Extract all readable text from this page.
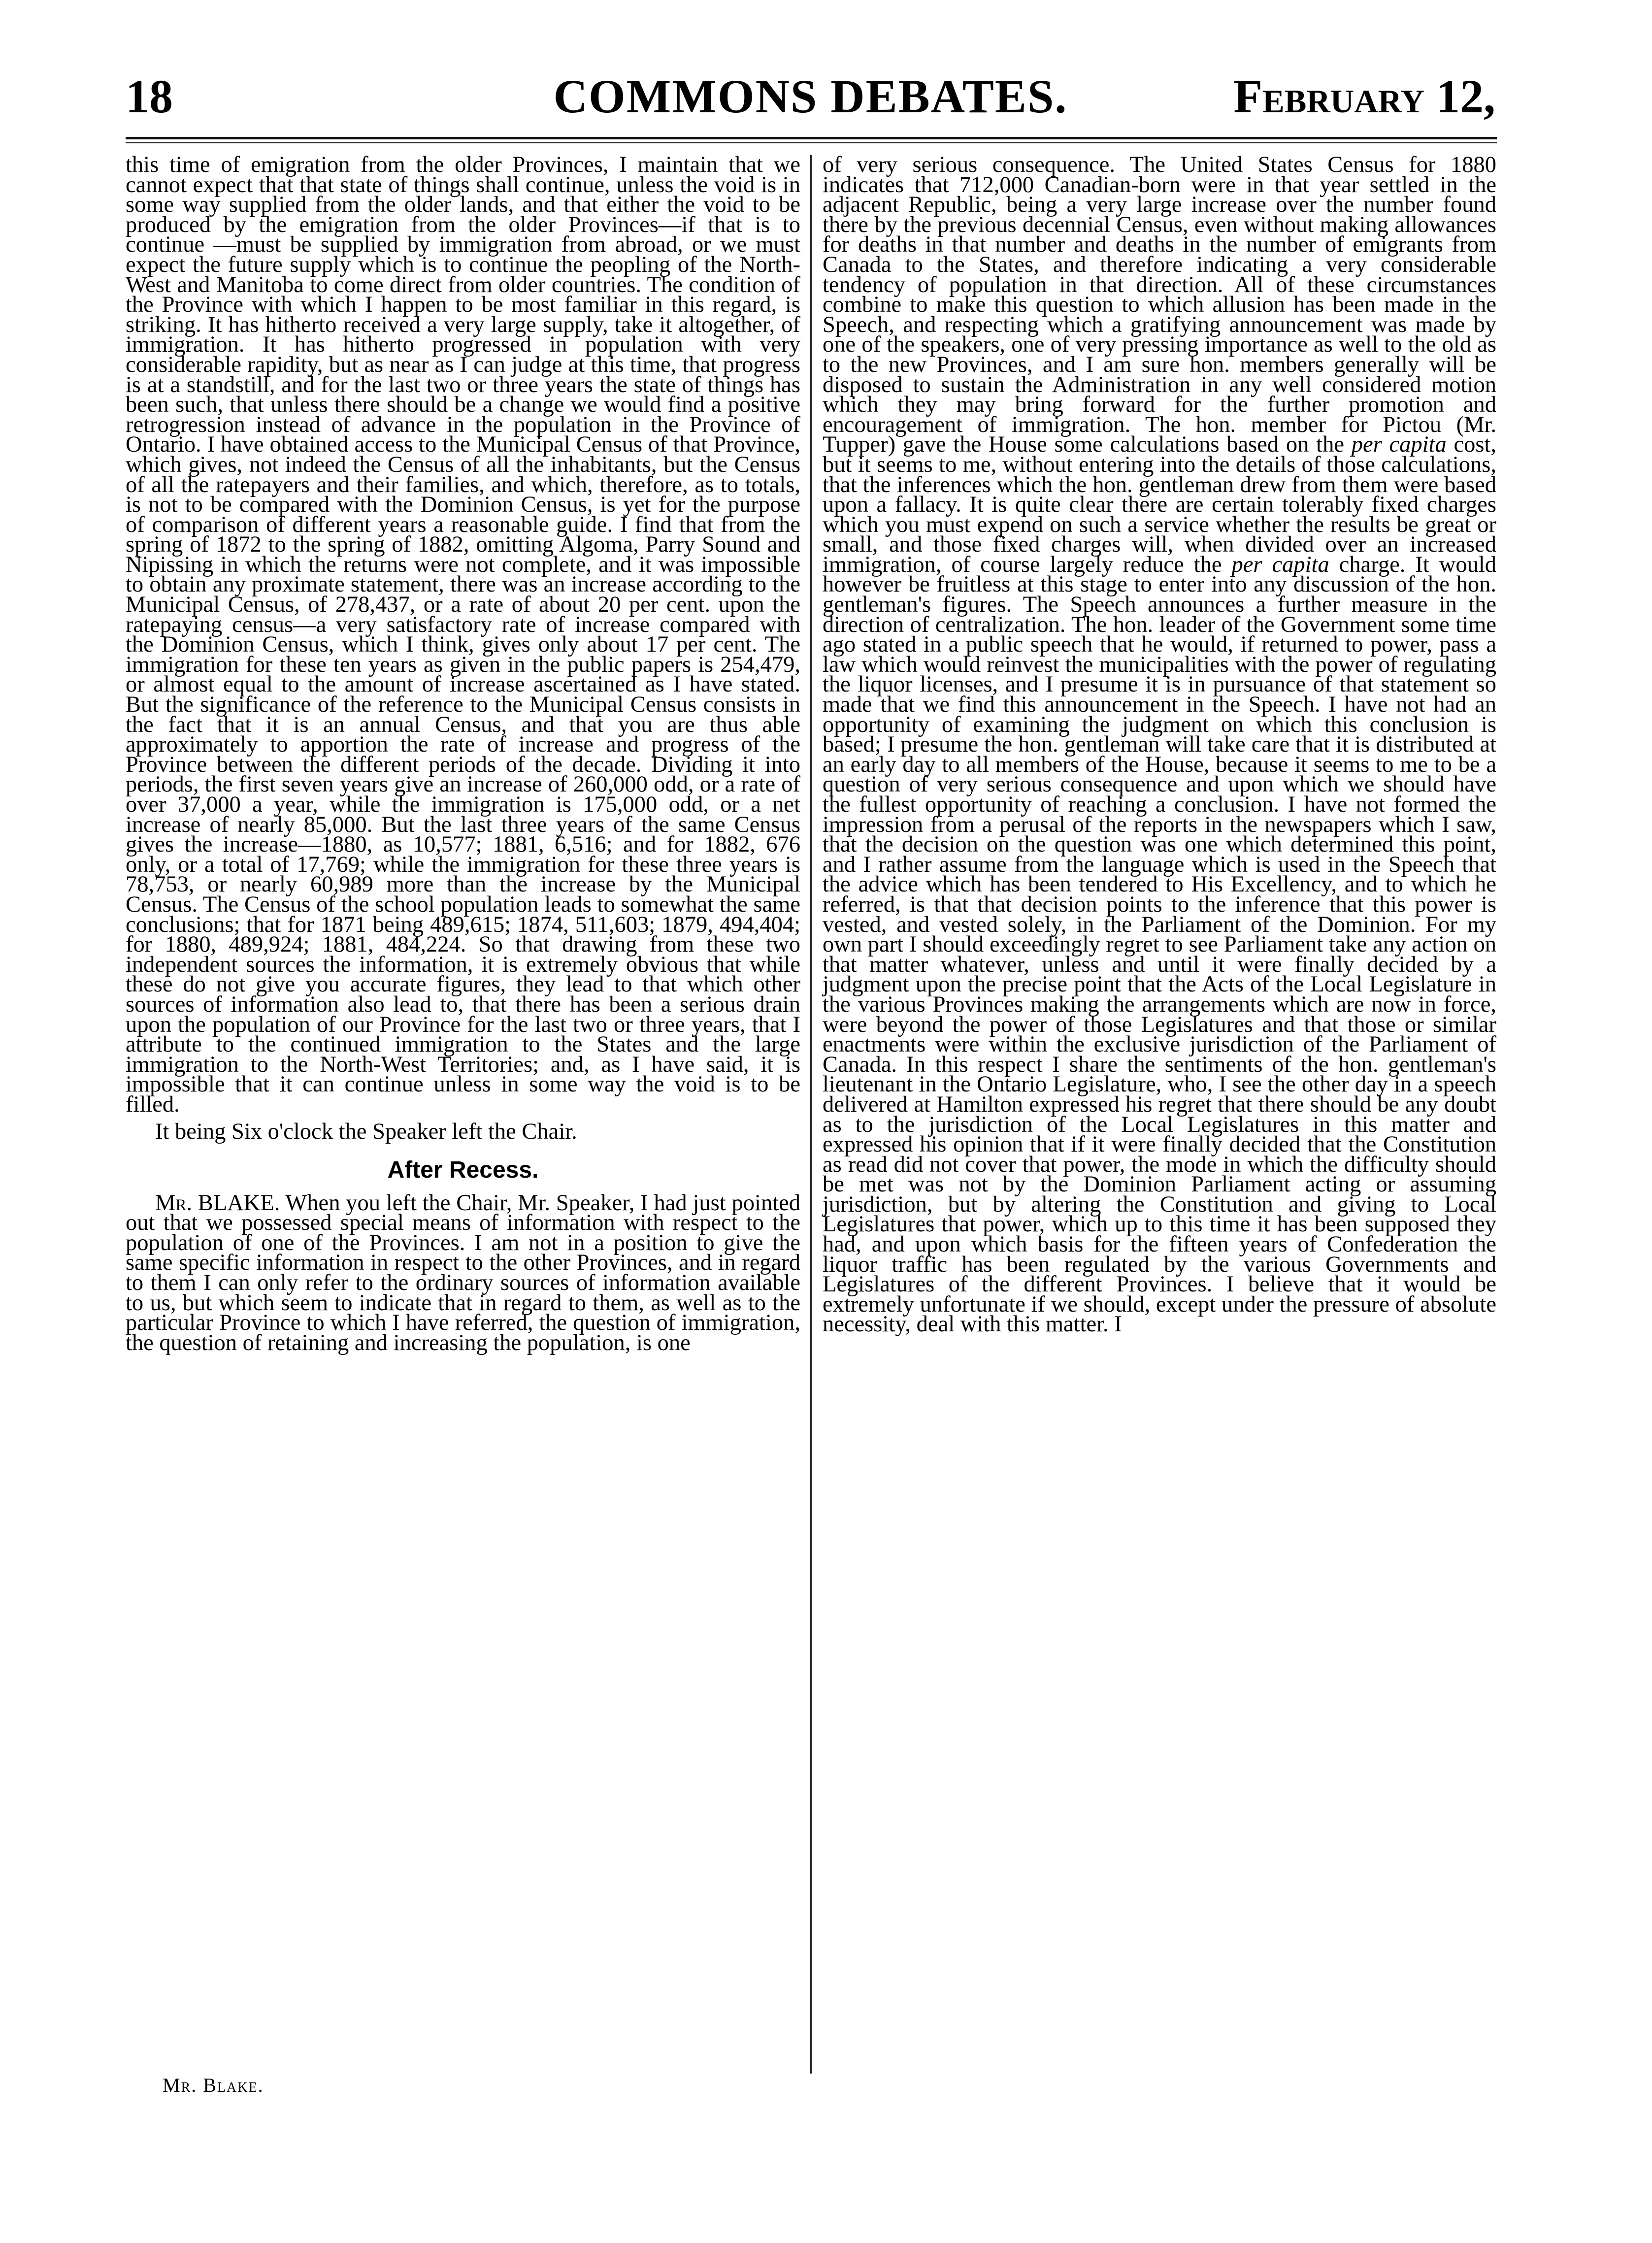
18	COMMONS DEBATES.	February 12,

this time of emigration from the older Provinces, I maintain that we cannot expect that that state of things shall continue, unless the void is in some way supplied from the older lands, and that either the void to be produced by the emigration from the older Provinces—if that is to continue —must be supplied by immigration from abroad, or we must expect the future supply which is to continue the peopling of the North-West and Manitoba to come direct from older countries. The condition of the Province with which I happen to be most familiar in this regard, is striking. It has hitherto received a very large supply, take it altogether, of immigration. It has hitherto progressed in population with very considerable rapidity, but as near as I can judge at this time, that progress is at a standstill, and for the last two or three years the state of things has been such, that unless there should be a change we would find a positive retrogression instead of advance in the population in the Province of Ontario. I have obtained access to the Municipal Census of that Province, which gives, not indeed the Census of all the inhabitants, but the Census of all the ratepayers and their families, and which, therefore, as to totals, is not to be compared with the Dominion Census, is yet for the purpose of comparison of different years a reasonable guide. I find that from the spring of 1872 to the spring of 1882, omitting Algoma, Parry Sound and Nipissing in which the returns were not complete, and it was impossible to obtain any proximate statement, there was an increase according to the Municipal Census, of 278,437, or a rate of about 20 per cent. upon the ratepaying census—a very satisfactory rate of increase compared with the Dominion Census, which I think, gives only about 17 per cent. The immigration for these ten years as given in the public papers is 254,479, or almost equal to the amount of increase ascertained as I have stated. But the significance of the reference to the Municipal Census consists in the fact that it is an annual Census, and that you are thus able approximately to apportion the rate of increase and progress of the Province between the different periods of the decade. Dividing it into periods, the first seven years give an increase of 260,000 odd, or a rate of over 37,000 a year, while the immigration is 175,000 odd, or a net increase of nearly 85,000. But the last three years of the same Census gives the increase—1880, as 10,577; 1881, 6,516; and for 1882, 676 only, or a total of 17,769; while the immigration for these three years is 78,753, or nearly 60,989 more than the increase by the Municipal Census. The Census of the school population leads to somewhat the same conclusions; that for 1871 being 489,615; 1874, 511,603; 1879, 494,404; for 1880, 489,924; 1881, 484,224. So that drawing from these two independent sources the information, it is extremely obvious that while these do not give you accurate figures, they lead to that which other sources of information also lead to, that there has been a serious drain upon the population of our Province for the last two or three years, that I attribute to the continued immigration to the States and the large immigration to the North-West Territories; and, as I have said, it is impossible that it can continue unless in some way the void is to be filled.

It being Six o'clock the Speaker left the Chair.

After Recess.

Mr. BLAKE. When you left the Chair, Mr. Speaker, I had just pointed out that we possessed special means of information with respect to the population of one of the Provinces. I am not in a position to give the same specific information in respect to the other Provinces, and in regard to them I can only refer to the ordinary sources of information available to us, but which seem to indicate that in regard to them, as well as to the particular Province to which I have referred, the question of immigration, the question of retaining and increasing the population, is one

of very serious consequence. The United States Census for 1880 indicates that 712,000 Canadian-born were in that year settled in the adjacent Republic, being a very large increase over the number found there by the previous decennial Census, even without making allowances for deaths in that number and deaths in the number of emigrants from Canada to the States, and therefore indicating a very considerable tendency of population in that direction. All of these circumstances combine to make this question to which allusion has been made in the Speech, and respecting which a gratifying announcement was made by one of the speakers, one of very pressing importance as well to the old as to the new Provinces, and I am sure hon. members generally will be disposed to sustain the Administration in any well considered motion which they may bring forward for the further promotion and encouragement of immigration. The hon. member for Pictou (Mr. Tupper) gave the House some calculations based on the per capita cost, but it seems to me, without entering into the details of those calculations, that the inferences which the hon. gentleman drew from them were based upon a fallacy. It is quite clear there are certain tolerably fixed charges which you must expend on such a service whether the results be great or small, and those fixed charges will, when divided over an increased immigration, of course largely reduce the per capita charge. It would however be fruitless at this stage to enter into any discussion of the hon. gentleman's figures. The Speech announces a further measure in the direction of centralization. The hon. leader of the Government some time ago stated in a public speech that he would, if returned to power, pass a law which would reinvest the municipalities with the power of regulating the liquor licenses, and I presume it is in pursuance of that statement so made that we find this announcement in the Speech. I have not had an opportunity of examining the judgment on which this conclusion is based; I presume the hon. gentleman will take care that it is distributed at an early day to all members of the House, because it seems to me to be a question of very serious consequence and upon which we should have the fullest opportunity of reaching a conclusion. I have not formed the impression from a perusal of the reports in the newspapers which I saw, that the decision on the question was one which determined this point, and I rather assume from the language which is used in the Speech that the advice which has been tendered to His Excellency, and to which he referred, is that that decision points to the inference that this power is vested, and vested solely, in the Parliament of the Dominion. For my own part I should exceedingly regret to see Parliament take any action on that matter whatever, unless and until it were finally decided by a judgment upon the precise point that the Acts of the Local Legislature in the various Provinces making the arrangements which are now in force, were beyond the power of those Legislatures and that those or similar enactments were within the exclusive jurisdiction of the Parliament of Canada. In this respect I share the sentiments of the hon. gentleman's lieutenant in the Ontario Legislature, who, I see the other day in a speech delivered at Hamilton expressed his regret that there should be any doubt as to the jurisdiction of the Local Legislatures in this matter and expressed his opinion that if it were finally decided that the Constitution as read did not cover that power, the mode in which the difficulty should be met was not by the Dominion Parliament acting or assuming jurisdiction, but by altering the Constitution and giving to Local Legislatures that power, which up to this time it has been supposed they had, and upon which basis for the fifteen years of Confederation the liquor traffic has been regulated by the various Governments and Legislatures of the different Provinces. I believe that it would be extremely unfortunate if we should, except under the pressure of absolute necessity, deal with this matter. I

Mr. Blake.
